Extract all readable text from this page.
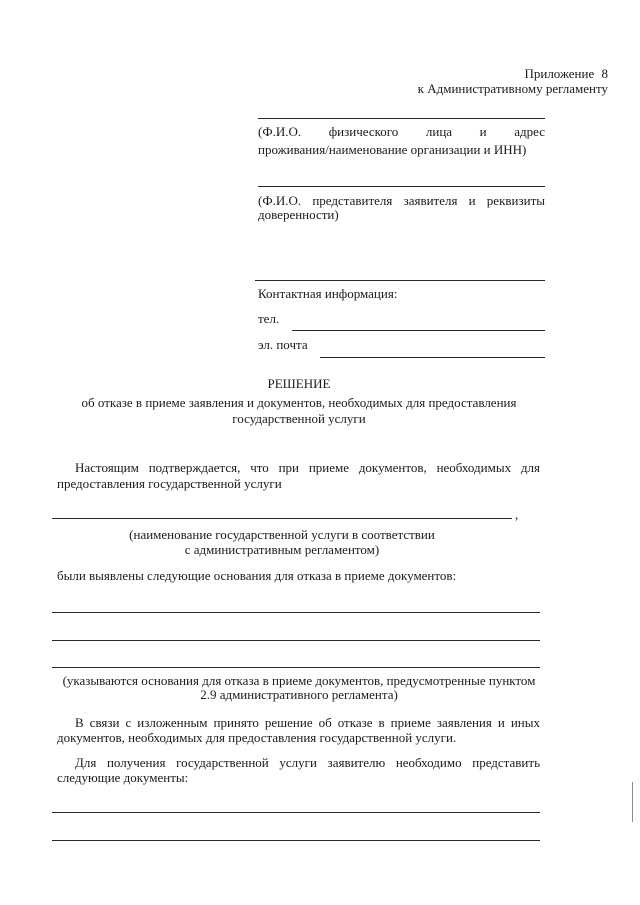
Приложение 8
к Административному регламенту
(Ф.И.О. физического лица и адрес
проживания/наименование организации и ИНН)
(Ф.И.О. представителя заявителя и реквизиты
доверенности)
Контактная информация:
тел.
эл. почта
РЕШЕНИЕ
об отказе в приеме заявления и документов, необходимых для предоставления
государственной услуги
Настоящим подтверждается, что при приеме документов, необходимых для
предоставления государственной услуги
,
(наименование государственной услуги в соответствии
с административным регламентом)
были выявлены следующие основания для отказа в приеме документов:
(указываются основания для отказа в приеме документов, предусмотренные пунктом
2.9 административного регламента)
В связи с изложенным принято решение об отказе в приеме заявления и иных
документов, необходимых для предоставления государственной услуги.
Для получения государственной услуги заявителю необходимо представить
следующие документы:
